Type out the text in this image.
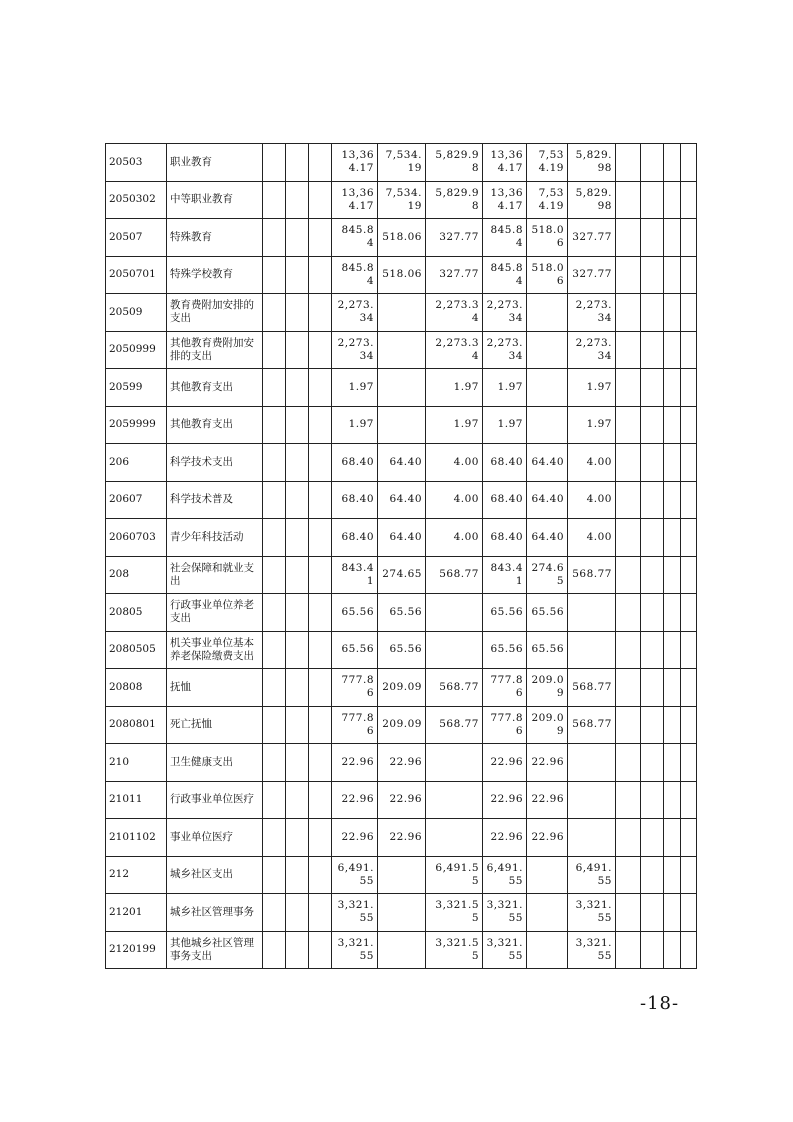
20503	职业教育				13,364.17	7,534.19	5,829.98	13,364.17	7,534.19	5,829.98				
2050302	中等职业教育				13,364.17	7,534.19	5,829.98	13,364.17	7,534.19	5,829.98				
20507	特殊教育				845.84	518.06	327.77	845.84	518.06	327.77				
2050701	特殊学校教育				845.84	518.06	327.77	845.84	518.06	327.77				
20509	教育费附加安排的支出				2,273.34		2,273.34	2,273.34		2,273.34				
2050999	其他教育费附加安排的支出				2,273.34		2,273.34	2,273.34		2,273.34				
20599	其他教育支出				1.97		1.97	1.97		1.97				
2059999	其他教育支出				1.97		1.97	1.97		1.97				
206	科学技术支出				68.40	64.40	4.00	68.40	64.40	4.00				
20607	科学技术普及				68.40	64.40	4.00	68.40	64.40	4.00				
2060703	青少年科技活动				68.40	64.40	4.00	68.40	64.40	4.00				
208	社会保障和就业支出				843.41	274.65	568.77	843.41	274.65	568.77				
20805	行政事业单位养老支出				65.56	65.56		65.56	65.56					
2080505	机关事业单位基本养老保险缴费支出				65.56	65.56		65.56	65.56					
20808	抚恤				777.86	209.09	568.77	777.86	209.09	568.77				
2080801	死亡抚恤				777.86	209.09	568.77	777.86	209.09	568.77				
210	卫生健康支出				22.96	22.96		22.96	22.96					
21011	行政事业单位医疗				22.96	22.96		22.96	22.96					
2101102	事业单位医疗				22.96	22.96		22.96	22.96					
212	城乡社区支出				6,491.55		6,491.55	6,491.55		6,491.55				
21201	城乡社区管理事务				3,321.55		3,321.55	3,321.55		3,321.55				
2120199	其他城乡社区管理事务支出				3,321.55		3,321.55	3,321.55		3,321.55				
-18-
